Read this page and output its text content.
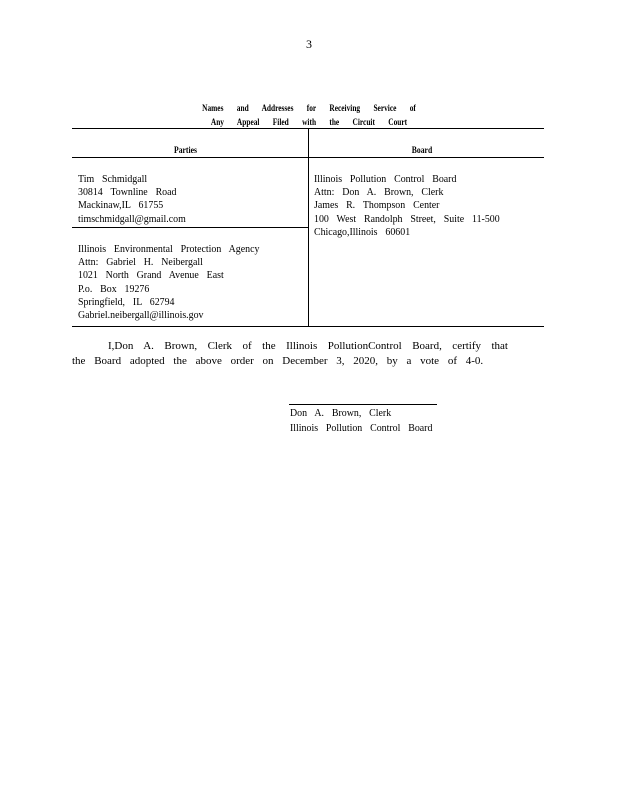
3
Names and Addresses for Receiving Service of
Any Appeal Filed with the Circuit Court
Parties	Board
Tim Schmidgall
30814 Townline Road
Mackinaw,IL 61755
timschmidgall@gmail.com
Illinois Environmental Protection Agency
Attn: Gabriel H. Neibergall
1021 North Grand Avenue East
P.o. Box 19276
Springfield, IL 62794
Gabriel.neibergall@illinois.gov
Illinois Pollution Control Board
Attn: Don A. Brown, Clerk
James R. Thompson Center
100 West Randolph Street, Suite 11-500
Chicago,Illinois 60601

I,Don A. Brown, Clerk of the Illinois PollutionControl Board, certify that the Board adopted the above order on December 3, 2020, by a vote of 4-0.

Don A. Brown, Clerk
Illinois Pollution Control Board
